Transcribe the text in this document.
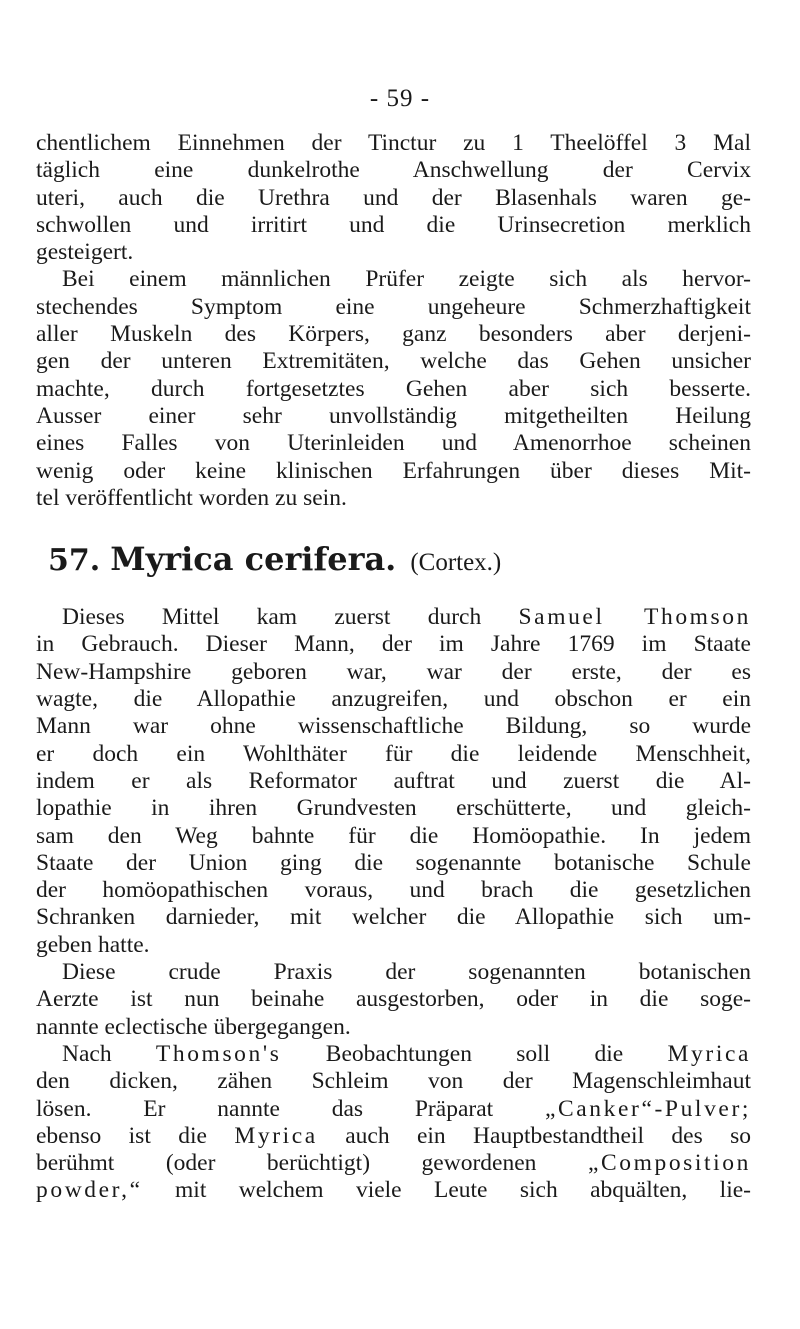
- 59 -
chentlichem Einnehmen der Tinctur zu 1 Theelöffel 3 Mal
täglich eine dunkelrothe Anschwellung der Cervix
uteri, auch die Urethra und der Blasenhals waren ge-
schwollen und irritirt und die Urinsecretion merklich
gesteigert.
Bei einem männlichen Prüfer zeigte sich als hervor-
stechendes Symptom eine ungeheure Schmerzhaftigkeit
aller Muskeln des Körpers, ganz besonders aber derjeni-
gen der unteren Extremitäten, welche das Gehen unsicher
machte, durch fortgesetztes Gehen aber sich besserte.
Ausser einer sehr unvollständig mitgetheilten Heilung
eines Falles von Uterinleiden und Amenorrhoe scheinen
wenig oder keine klinischen Erfahrungen über dieses Mit-
tel veröffentlicht worden zu sein.
57. Myrica cerifera. (Cortex.)
Dieses Mittel kam zuerst durch Samuel Thomson
in Gebrauch. Dieser Mann, der im Jahre 1769 im Staate
New-Hampshire geboren war, war der erste, der es
wagte, die Allopathie anzugreifen, und obschon er ein
Mann war ohne wissenschaftliche Bildung, so wurde
er doch ein Wohlthäter für die leidende Menschheit,
indem er als Reformator auftrat und zuerst die Al-
lopathie in ihren Grundvesten erschütterte, und gleich-
sam den Weg bahnte für die Homöopathie. In jedem
Staate der Union ging die sogenannte botanische Schule
der homöopathischen voraus, und brach die gesetzlichen
Schranken darnieder, mit welcher die Allopathie sich um-
geben hatte.
Diese crude Praxis der sogenannten botanischen
Aerzte ist nun beinahe ausgestorben, oder in die soge-
nannte eclectische übergegangen.
Nach Thomson's Beobachtungen soll die Myrica
den dicken, zähen Schleim von der Magenschleimhaut
lösen. Er nannte das Präparat „Canker“-Pulver;
ebenso ist die Myrica auch ein Hauptbestandtheil des so
berühmt (oder berüchtigt) gewordenen „Composition
powder,“ mit welchem viele Leute sich abquälten, lie-
